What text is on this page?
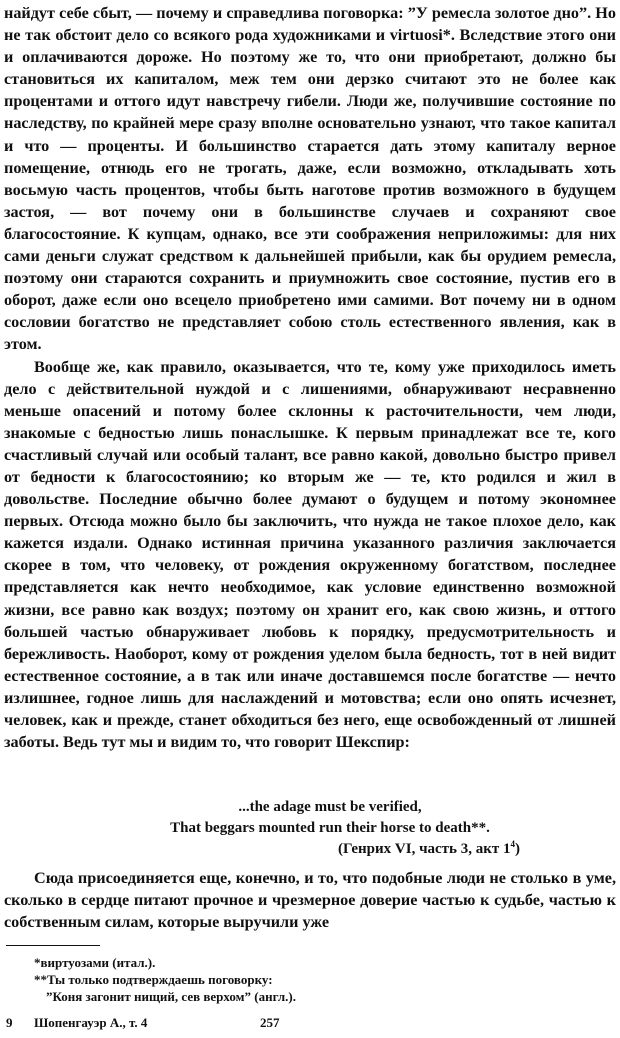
найдут себе сбыт, — почему и справедлива поговорка: ”У ремесла золотое дно”. Но не так обстоит дело со всякого рода художниками и virtuosi*. Вследствие этого они и оплачиваются дороже. Но поэтому же то, что они приобретают, должно бы становиться их капиталом, меж тем они дерзко считают это не более как процентами и оттого идут навстречу гибели. Люди же, получившие состояние по наследству, по крайней мере сразу вполне основательно узнают, что такое капитал и что — проценты. И большинство старается дать этому капиталу верное помещение, отнюдь его не трогать, даже, если возможно, откладывать хоть восьмую часть процентов, чтобы быть наготове против возможного в будущем застоя, — вот почему они в большинстве случаев и сохраняют свое благосостояние. К купцам, однако, все эти соображения неприложимы: для них сами деньги служат средством к дальнейшей прибыли, как бы орудием ремесла, поэтому они стараются сохранить и приумножить свое состояние, пустив его в оборот, даже если оно всецело приобретено ими самими. Вот почему ни в одном сословии богатство не представляет собою столь естественного явления, как в этом.

Вообще же, как правило, оказывается, что те, кому уже приходилось иметь дело с действительной нуждой и с лишениями, обнаруживают несравненно меньше опасений и потому более склонны к расточительности, чем люди, знакомые с бедностью лишь понаслышке. К первым принадлежат все те, кого счастливый случай или особый талант, все равно какой, довольно быстро привел от бедности к благосостоянию; ко вторым же — те, кто родился и жил в довольстве. Последние обычно более думают о будущем и потому экономнее первых. Отсюда можно было бы заключить, что нужда не такое плохое дело, как кажется издали. Однако истинная причина указанного различия заключается скорее в том, что человеку, от рождения окруженному богатством, последнее представляется как нечто необходимое, как условие единственно возможной жизни, все равно как воздух; поэтому он хранит его, как свою жизнь, и оттого большей частью обнаруживает любовь к порядку, предусмотрительность и бережливость. Наоборот, кому от рождения уделом была бедность, тот в ней видит естественное состояние, а в так или иначе доставшемся после богатстве — нечто излишнее, годное лишь для наслаждений и мотовства; если оно опять исчезнет, человек, как и прежде, станет обходиться без него, еще освобожденный от лишней заботы. Ведь тут мы и видим то, что говорит Шекспир:

...the adage must be verified,

That beggars mounted run their horse to death**.

(Генрих VI, часть 3, акт $1^4$)

Сюда присоединяется еще, конечно, и то, что подобные люди не столько в уме, сколько в сердце питают прочное и чрезмерное доверие частью к судьбе, частью к собственным силам, которые выручили уже

*виртуозами (итал.).

**Ты только подтверждаешь поговорку:

”Коня загонит нищий, сев верхом” (англ.).

9 Шопенгауэр А., т. 4	257
